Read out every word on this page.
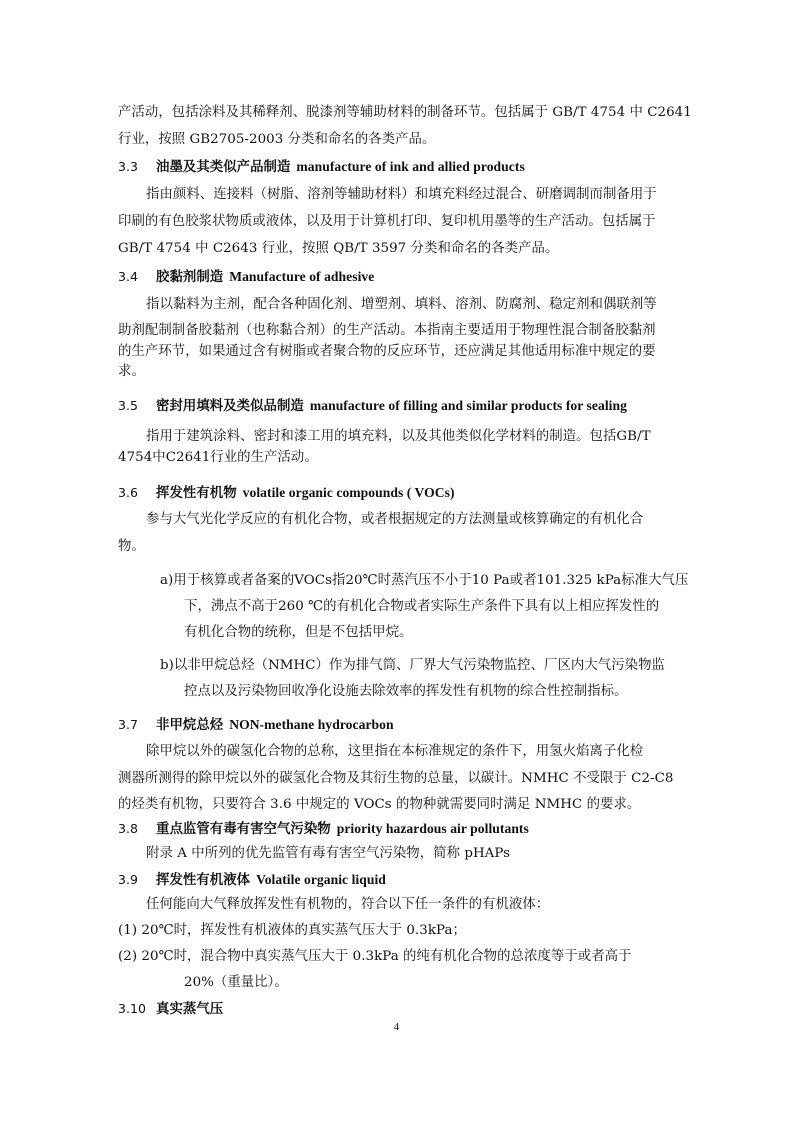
产活动，包括涂料及其稀释剂、脱漆剂等辅助材料的制备环节。包括属于 GB/T 4754 中 C2641
行业，按照 GB2705-2003 分类和命名的各类产品。
3.3 油墨及其类似产品制造 manufacture of ink and allied products
指由颜料、连接料（树脂、溶剂等辅助材料）和填充料经过混合、研磨调制而制备用于
印刷的有色胶浆状物质或液体，以及用于计算机打印、复印机用墨等的生产活动。包括属于
GB/T 4754 中 C2643 行业，按照 QB/T 3597 分类和命名的各类产品。
3.4 胶黏剂制造 Manufacture of adhesive
指以黏料为主剂，配合各种固化剂、增塑剂、填料、溶剂、防腐剂、稳定剂和偶联剂等
助剂配制制备胶黏剂（也称黏合剂）的生产活动。本指南主要适用于物理性混合制备胶黏剂
的生产环节，如果通过含有树脂或者聚合物的反应环节，还应满足其他适用标准中规定的要
求。
3.5 密封用填料及类似品制造 manufacture of filling and similar products for sealing
指用于建筑涂料、密封和漆工用的填充料，以及其他类似化学材料的制造。包括GB/T
4754中C2641行业的生产活动。
3.6 挥发性有机物 volatile organic compounds ( VOCs)
参与大气光化学反应的有机化合物，或者根据规定的方法测量或核算确定的有机化合
物。
a)用于核算或者备案的VOCs指20℃时蒸汽压不小于10 Pa或者101.325 kPa标准大气压
下，沸点不高于260 ℃的有机化合物或者实际生产条件下具有以上相应挥发性的
有机化合物的统称，但是不包括甲烷。
b)以非甲烷总烃（NMHC）作为排气筒、厂界大气污染物监控、厂区内大气污染物监
控点以及污染物回收净化设施去除效率的挥发性有机物的综合性控制指标。
3.7 非甲烷总烃 NON-methane hydrocarbon
除甲烷以外的碳氢化合物的总称，这里指在本标准规定的条件下，用氢火焰离子化检
测器所测得的除甲烷以外的碳氢化合物及其衍生物的总量，以碳计。NMHC 不受限于 C2-C8
的烃类有机物，只要符合 3.6 中规定的 VOCs 的物种就需要同时满足 NMHC 的要求。
3.8 重点监管有毒有害空气污染物 priority hazardous air pollutants
附录 A 中所列的优先监管有毒有害空气污染物，简称 pHAPs
3.9 挥发性有机液体 Volatile organic liquid
任何能向大气释放挥发性有机物的，符合以下任一条件的有机液体：
(1) 20℃时，挥发性有机液体的真实蒸气压大于 0.3kPa；
(2) 20℃时，混合物中真实蒸气压大于 0.3kPa 的纯有机化合物的总浓度等于或者高于
20%（重量比）。
3.10 真实蒸气压
4
